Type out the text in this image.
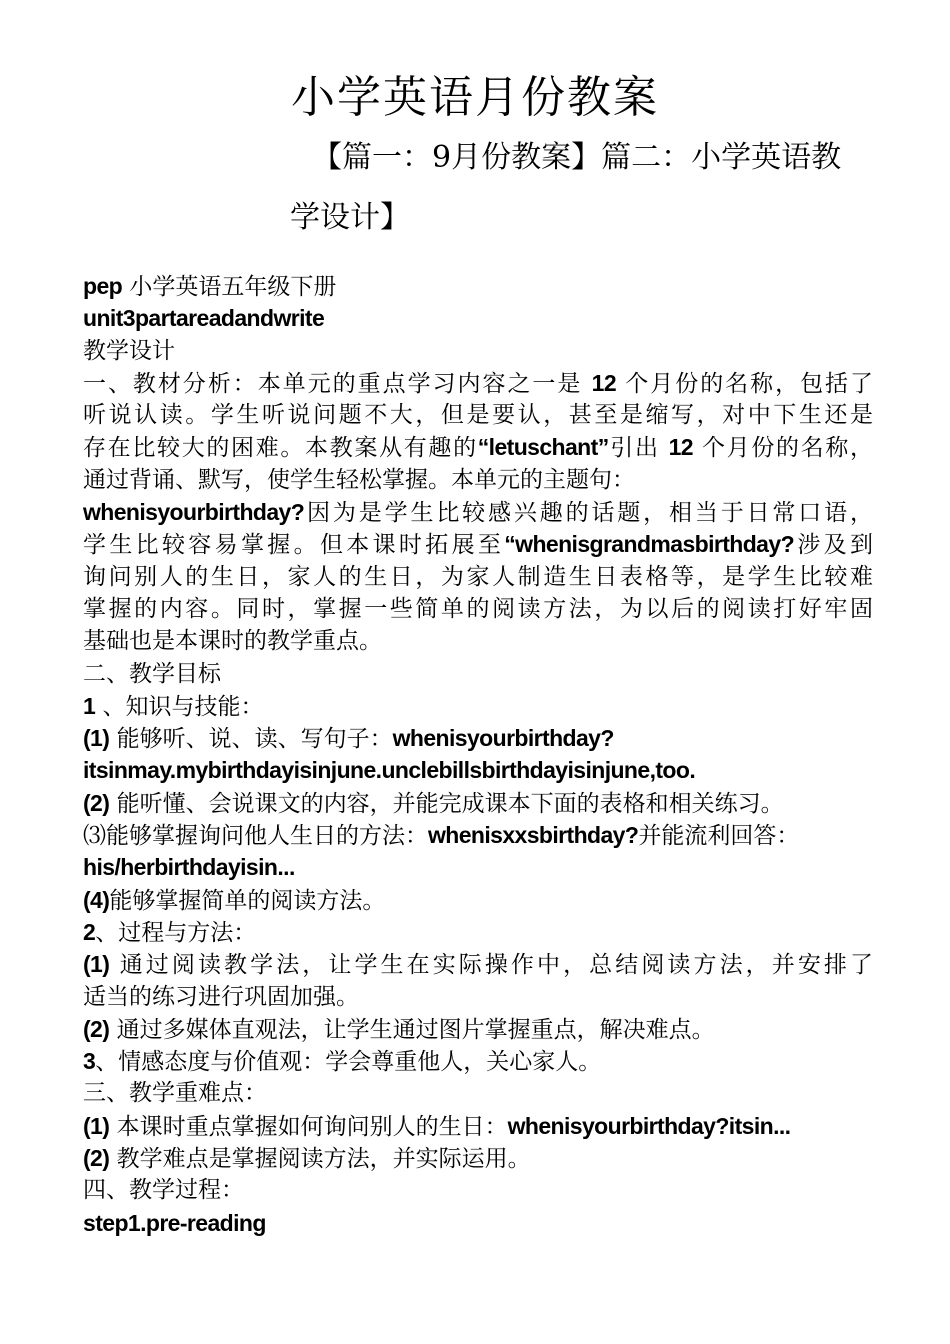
小学英语月份教案
【篇一：9月份教案】篇二：小学英语教
学设计】
pep 小学英语五年级下册
unit3partareadandwrite
教学设计
一、教材分析：本单元的重点学习内容之一是 12 个月份的名称，包括了
听说认读。学生听说问题不大，但是要认，甚至是缩写，对中下生还是
存在比较大的困难。本教案从有趣的“letuschant”引出 12 个月份的名称，
通过背诵、默写，使学生轻松掌握。本单元的主题句：
whenisyourbirthday?因为是学生比较感兴趣的话题，相当于日常口语，
学生比较容易掌握。但本课时拓展至“whenisgrandmasbirthday?涉及到
询问别人的生日，家人的生日，为家人制造生日表格等，是学生比较难
掌握的内容。同时，掌握一些简单的阅读方法，为以后的阅读打好牢固
基础也是本课时的教学重点。
二、教学目标
1 、知识与技能：
(1) 能够听、说、读、写句子：whenisyourbirthday?
itsinmay.mybirthdayisinjune.unclebillsbirthdayisinjune,too.
(2) 能听懂、会说课文的内容，并能完成课本下面的表格和相关练习。
⑶能够掌握询问他人生日的方法：whenisxxsbirthday?并能流利回答：
his/herbirthdayisin...
(4)能够掌握简单的阅读方法。
2、过程与方法：
(1) 通过阅读教学法，让学生在实际操作中，总结阅读方法，并安排了
适当的练习进行巩固加强。
(2) 通过多媒体直观法，让学生通过图片掌握重点，解决难点。
3、情感态度与价值观：学会尊重他人，关心家人。
三、教学重难点：
(1) 本课时重点掌握如何询问别人的生日：whenisyourbirthday?itsin...
(2) 教学难点是掌握阅读方法，并实际运用。
四、教学过程：
step1.pre-reading
